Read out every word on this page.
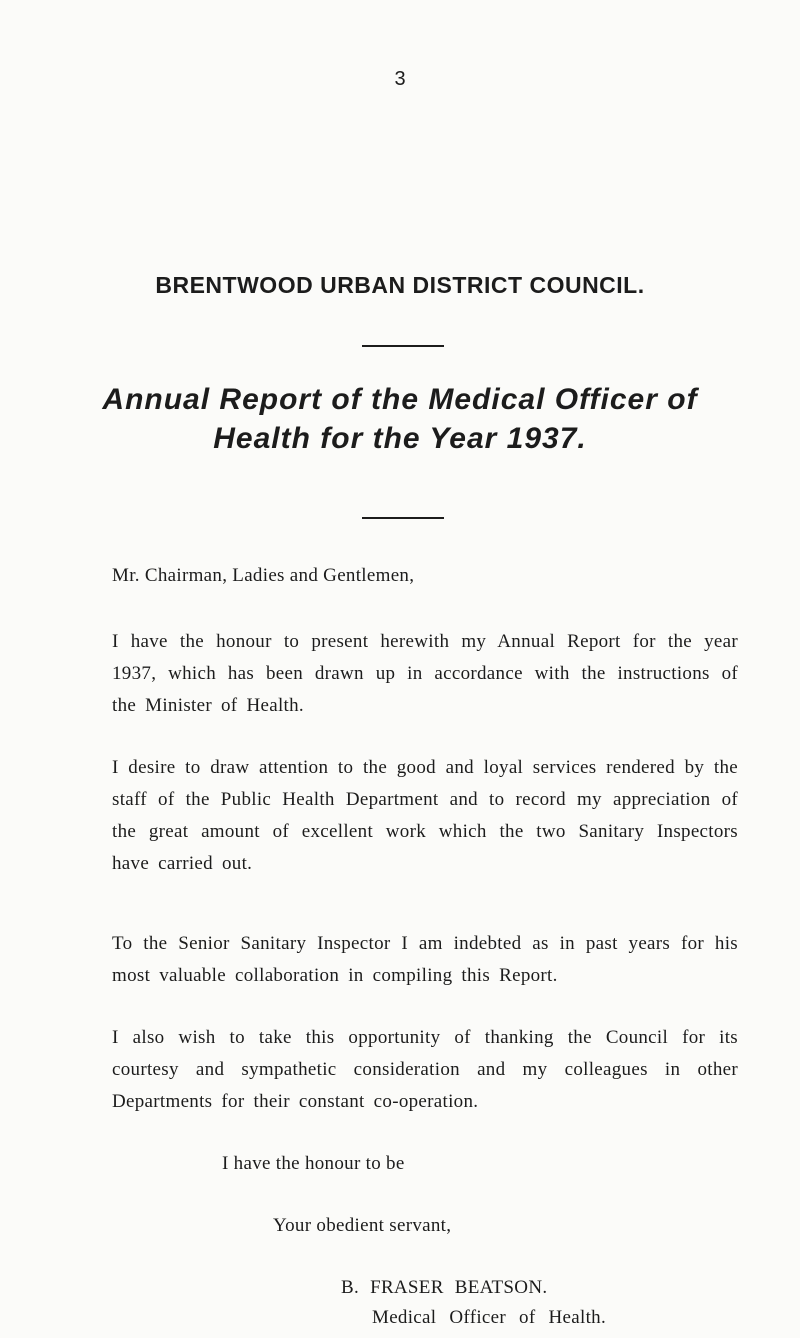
3
BRENTWOOD URBAN DISTRICT COUNCIL.
Annual Report of the Medical Officer of
Health for the Year 1937.
Mr. Chairman, Ladies and Gentlemen,
I have the honour to present herewith my Annual Report for the year 1937, which has been drawn up in accordance with the instructions of the Minister of Health.
I desire to draw attention to the good and loyal services rendered by the staff of the Public Health Department and to record my appreciation of the great amount of excellent work which the two Sanitary Inspectors have carried out.
To the Senior Sanitary Inspector I am indebted as in past years for his most valuable collaboration in compiling this Report.
I also wish to take this opportunity of thanking the Council for its courtesy and sympathetic consideration and my colleagues in other Departments for their constant co-operation.
I have the honour to be
Your obedient servant,
B. FRASER BEATSON.
Medical Officer of Health.
